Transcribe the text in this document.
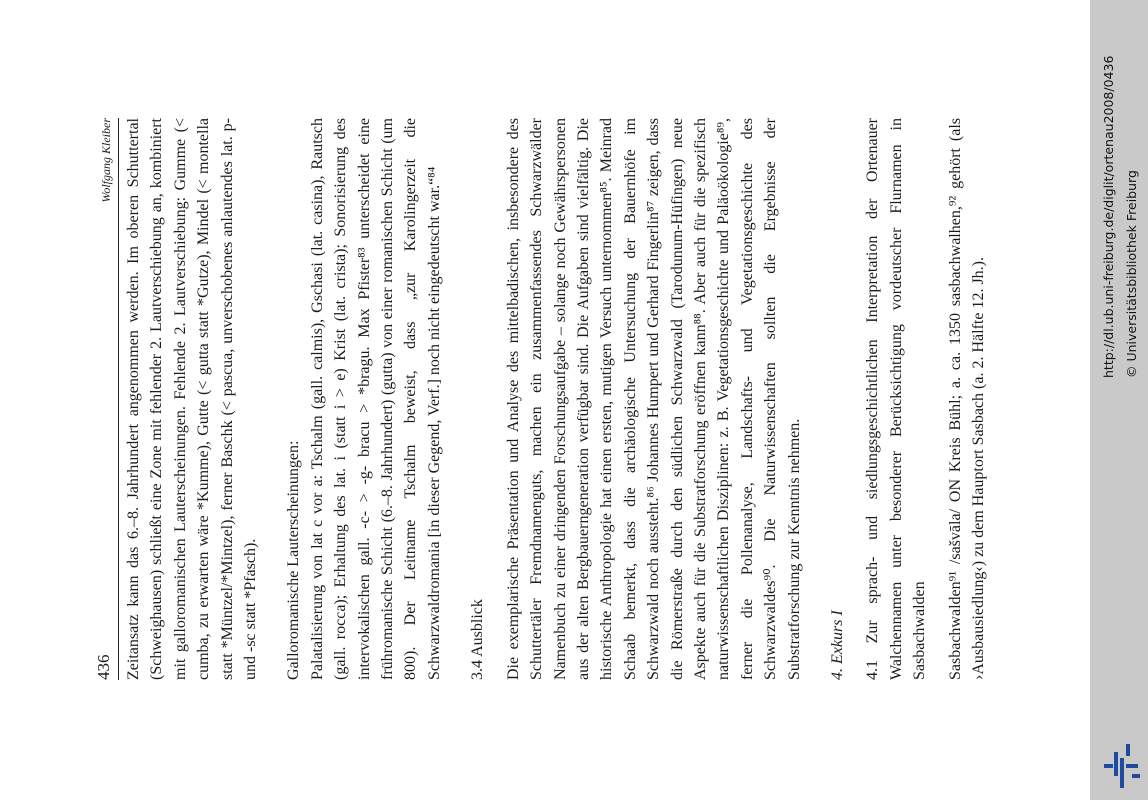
436
Wolfgang Kleiber Zeitansatz kann das 6.–8. Jahrhundert angenommen werden. Im oberen Schuttertal (Schweighausen) schließt eine Zone mit fehlender 2. Lautverschiebung an, kombiniert mit galloromanischen Lauterscheinungen. Fehlende 2. Lautverschiebung: Gumme (< cumba, zu erwarten wäre *Kumme), Gutte (< gutta statt *Gutze), Mindel (< montella statt *Müntzel/*Mintzel), ferner Baschk (< pascua, unverschobenes anlautendes lat. p- und -sc statt *Pfasch). Galloromanische Lauterscheinungen: Palatalisierung von lat c vor a: Tschalm (gall. calmis), Gschasi (lat. casina), Rautsch (gall. rocca); Erhaltung des lat. i (statt i > e) Krist (lat. crista); Sonorisierung des intervokalischen gall. -c- > -g- bracu > *bragu. Max Pfister⁸³ unterscheidet eine frühromanische Schicht (6.–8. Jahrhundert) (gutta) von einer romanischen Schicht (um 800). Der Leitname Tschalm beweist, dass „zur Karolingerzeit die Schwarzwaldromania [in dieser Gegend, Verf.] noch nicht eingedeutscht war.“⁸⁴ 3.4 Ausblick Die exemplarische Präsentation und Analyse des mittelbadischen, insbesondere des Schuttertäler Fremdnamenguts, machen ein zusammenfassendes Schwarzwälder Namenbuch zu einer dringenden Forschungsaufgabe – solange noch Gewährspersonen aus der alten Bergbauerngeneration verfügbar sind. Die Aufgaben sind vielfältig. Die historische Anthropologie hat einen ersten, mutigen Versuch unternommen⁸⁵. Meinrad Schaab bemerkt, dass die archäologische Untersuchung der Bauernhöfe im Schwarzwald noch aussteht.⁸⁶ Johannes Humpert und Gerhard Fingerlin⁸⁷ zeigen, dass die Römerstraße durch den südlichen Schwarzwald (Tarodunum-Hüfingen) neue Aspekte auch für die Substratforschung eröffnen kann⁸⁸. Aber auch für die spezifisch naturwissenschaftlichen Disziplinen: z. B. Vegetationsgeschichte und Paläoökologie⁸⁹, ferner die Pollenanalyse, Landschafts- und Vegetationsgeschichte des Schwarzwaldes⁹⁰. Die Naturwissenschaften sollten die Ergebnisse der Substratforschung zur Kenntnis nehmen. 4. Exkurs I 4.1 Zur sprach- und siedlungsgeschichtlichen Interpretation der Ortenauer Walchennamen unter besonderer Berücksichtigung vordeutscher Flurnamen in Sasbachwalden Sasbachwalden⁹¹ /sašvāla/ ON Kreis Bühl; a. ca. 1350 sasbachwalhen,⁹² gehört (als ›Ausbausiedlung‹) zu dem Hauptort Sasbach (a. 2. Hälfte 12. Jh.).

http://dl.ub.uni-freiburg.de/diglit/ortenau2008/0436 © Universitätsbibliothek Freiburg
